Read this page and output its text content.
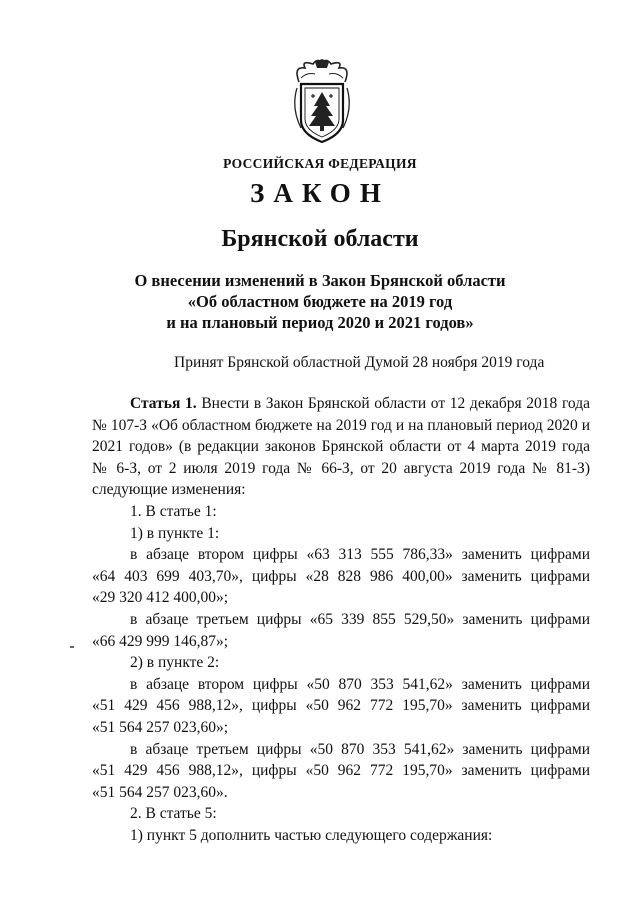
РОССИЙСКАЯ ФЕДЕРАЦИЯ
ЗАКОН
Брянской области
О внесении изменений в Закон Брянской области
«Об областном бюджете на 2019 год
и на плановый период 2020 и 2021 годов»
Принят Брянской областной Думой 28 ноября 2019 года
Статья 1. Внести в Закон Брянской области от 12 декабря 2018 года
№ 107-З «Об областном бюджете на 2019 год и на плановый период 2020 и
2021 годов» (в редакции законов Брянской области от 4 марта 2019 года
№ 6-З, от 2 июля 2019 года № 66-З, от 20 августа 2019 года № 81-З)
следующие изменения:
1. В статье 1:
1) в пункте 1:
в абзаце втором цифры «63 313 555 786,33» заменить цифрами
«64 403 699 403,70», цифры «28 828 986 400,00» заменить цифрами
«29 320 412 400,00»;
в абзаце третьем цифры «65 339 855 529,50» заменить цифрами
«66 429 999 146,87»;
2) в пункте 2:
в абзаце втором цифры «50 870 353 541,62» заменить цифрами
«51 429 456 988,12», цифры «50 962 772 195,70» заменить цифрами
«51 564 257 023,60»;
в абзаце третьем цифры «50 870 353 541,62» заменить цифрами
«51 429 456 988,12», цифры «50 962 772 195,70» заменить цифрами
«51 564 257 023,60».
2. В статье 5:
1) пункт 5 дополнить частью следующего содержания:
